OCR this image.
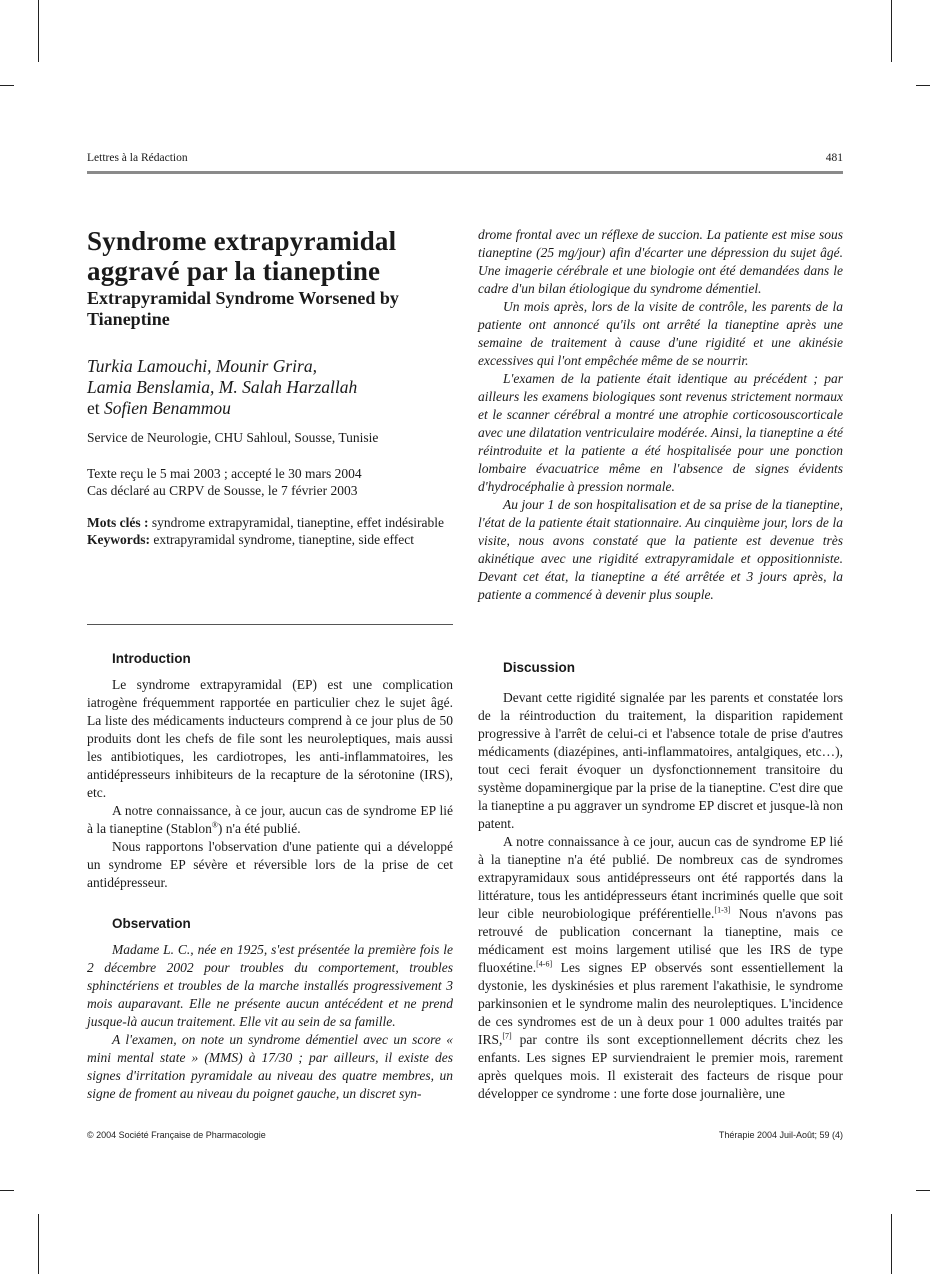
Lettres à la Rédaction	481
Syndrome extrapyramidal aggravé par la tianeptine
Extrapyramidal Syndrome Worsened by Tianeptine
Turkia Lamouchi, Mounir Grira,
Lamia Benslamia, M. Salah Harzallah
et Sofien Benammou

Service de Neurologie, CHU Sahloul, Sousse, Tunisie

Texte reçu le 5 mai 2003 ; accepté le 30 mars 2004

Cas déclaré au CRPV de Sousse, le 7 février 2003

Mots clés : syndrome extrapyramidal, tianeptine, effet indésirable

Keywords: extrapyramidal syndrome, tianeptine, side effect

Introduction

Le syndrome extrapyramidal (EP) est une complication iatrogène fréquemment rapportée en particulier chez le sujet âgé. La liste des médicaments inducteurs comprend à ce jour plus de 50 produits dont les chefs de file sont les neuroleptiques, mais aussi les antibiotiques, les cardiotropes, les anti-inflammatoires, les antidépresseurs inhibiteurs de la recapture de la sérotonine (IRS), etc.

A notre connaissance, à ce jour, aucun cas de syndrome EP lié à la tianeptine (Stablon®) n'a été publié.

Nous rapportons l'observation d'une patiente qui a développé un syndrome EP sévère et réversible lors de la prise de cet antidépresseur.

Observation

Madame L. C., née en 1925, s'est présentée la première fois le 2 décembre 2002 pour troubles du comportement, troubles sphinctériens et troubles de la marche installés progressivement 3 mois auparavant. Elle ne présente aucun antécédent et ne prend jusque-là aucun traitement. Elle vit au sein de sa famille.

A l'examen, on note un syndrome démentiel avec un score « mini mental state » (MMS) à 17/30 ; par ailleurs, il existe des signes d'irritation pyramidale au niveau des quatre membres, un signe de froment au niveau du poignet gauche, un discret syn-

drome frontal avec un réflexe de succion. La patiente est mise sous tianeptine (25 mg/jour) afin d'écarter une dépression du sujet âgé. Une imagerie cérébrale et une biologie ont été demandées dans le cadre d'un bilan étiologique du syndrome démentiel.

Un mois après, lors de la visite de contrôle, les parents de la patiente ont annoncé qu'ils ont arrêté la tianeptine après une semaine de traitement à cause d'une rigidité et une akinésie excessives qui l'ont empêchée même de se nourrir.

L'examen de la patiente était identique au précédent ; par ailleurs les examens biologiques sont revenus strictement normaux et le scanner cérébral a montré une atrophie corticosouscorticale avec une dilatation ventriculaire modérée. Ainsi, la tianeptine a été réintroduite et la patiente a été hospitalisée pour une ponction lombaire évacuatrice même en l'absence de signes évidents d'hydrocéphalie à pression normale.

Au jour 1 de son hospitalisation et de sa prise de la tianeptine, l'état de la patiente était stationnaire. Au cinquième jour, lors de la visite, nous avons constaté que la patiente est devenue très akinétique avec une rigidité extrapyramidale et oppositionniste. Devant cet état, la tianeptine a été arrêtée et 3 jours après, la patiente a commencé à devenir plus souple.

Discussion

Devant cette rigidité signalée par les parents et constatée lors de la réintroduction du traitement, la disparition rapidement progressive à l'arrêt de celui-ci et l'absence totale de prise d'autres médicaments (diazépines, anti-inflammatoires, antalgiques, etc…), tout ceci ferait évoquer un dysfonctionnement transitoire du système dopaminergique par la prise de la tianeptine. C'est dire que la tianeptine a pu aggraver un syndrome EP discret et jusque-là non patent.

A notre connaissance à ce jour, aucun cas de syndrome EP lié à la tianeptine n'a été publié. De nombreux cas de syndromes extrapyramidaux sous antidépresseurs ont été rapportés dans la littérature, tous les antidépresseurs étant incriminés quelle que soit leur cible neurobiologique préférentielle.[1-3] Nous n'avons pas retrouvé de publication concernant la tianeptine, mais ce médicament est moins largement utilisé que les IRS de type fluoxétine.[4-6] Les signes EP observés sont essentiellement la dystonie, les dyskinésies et plus rarement l'akathisie, le syndrome parkinsonien et le syndrome malin des neuroleptiques. L'incidence de ces syndromes est de un à deux pour 1 000 adultes traités par IRS,[7] par contre ils sont exceptionnellement décrits chez les enfants. Les signes EP surviendraient le premier mois, rarement après quelques mois. Il existerait des facteurs de risque pour développer ce syndrome : une forte dose journalière, une

© 2004 Société Française de Pharmacologie	Thérapie 2004 Juil-Août; 59 (4)
